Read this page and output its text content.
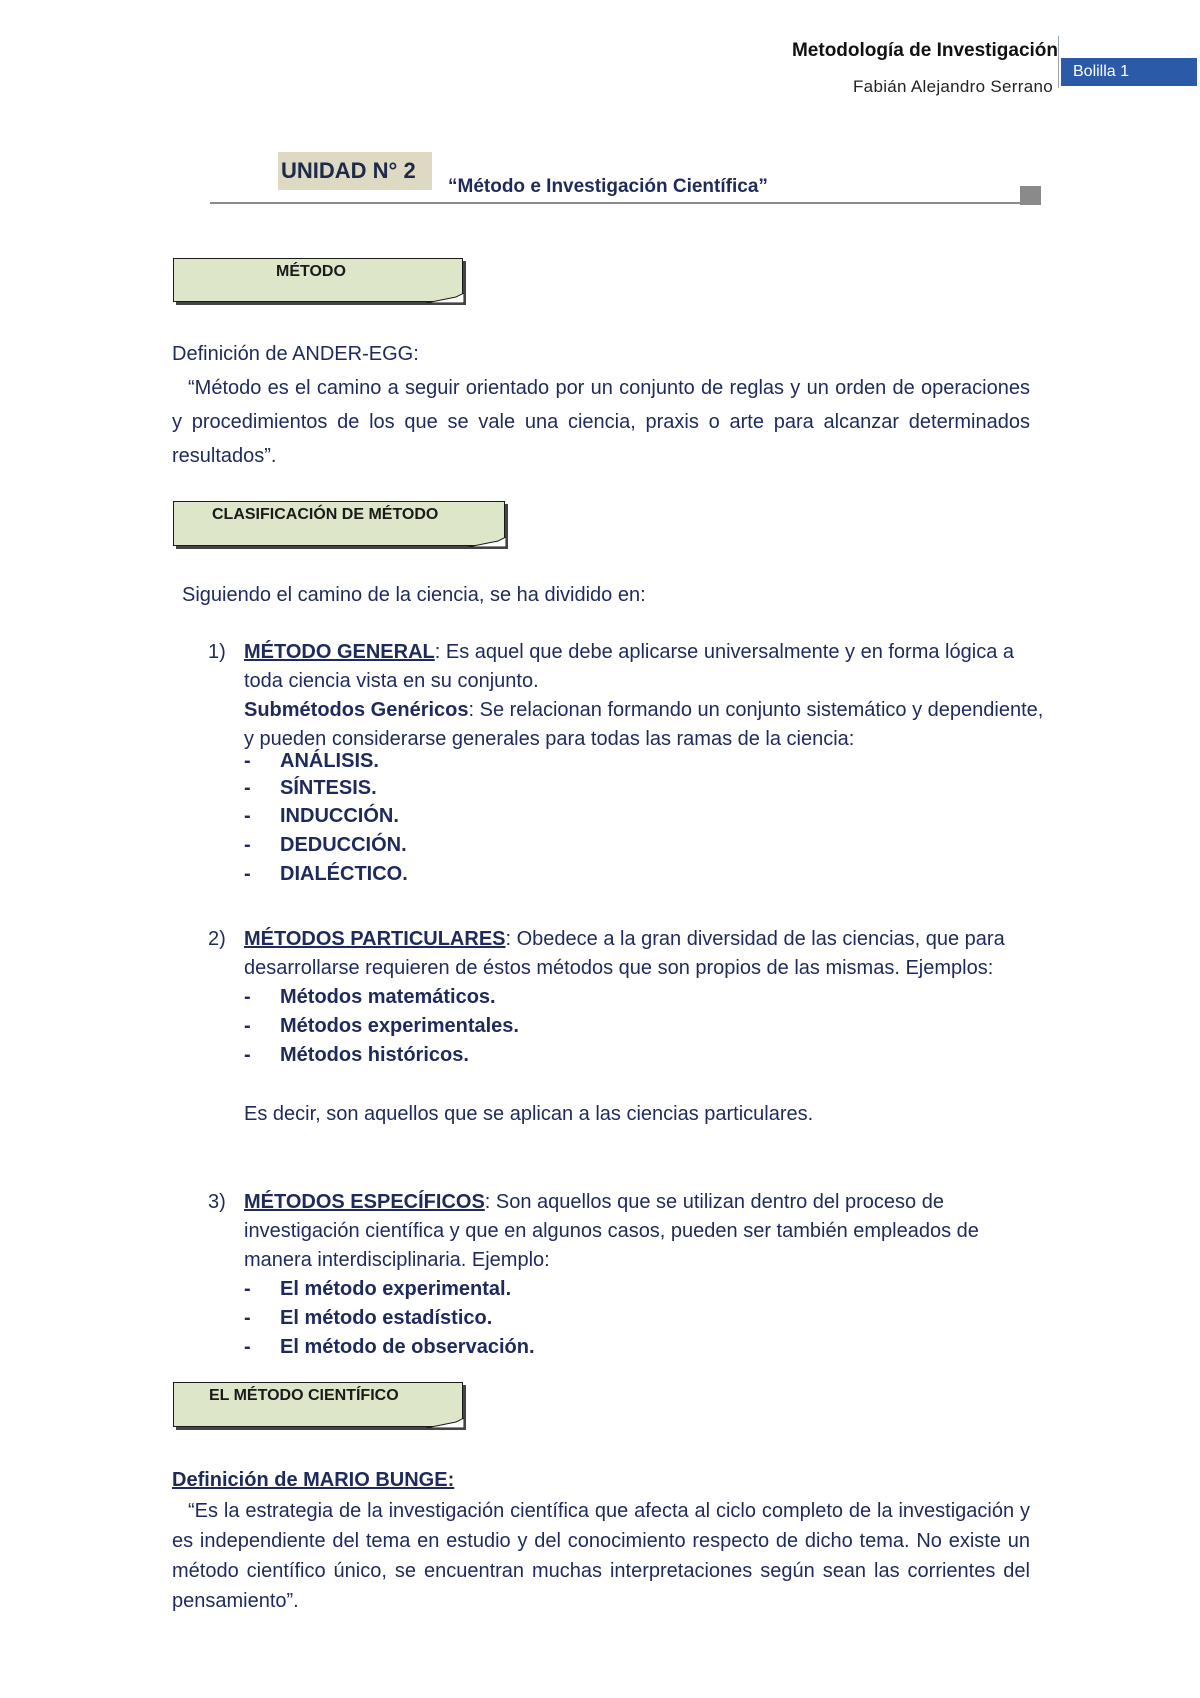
Metodología de Investigación
Fabián Alejandro Serrano
Bolilla 1
UNIDAD N° 2
“Método e Investigación Científica”
MÉTODO
Definición de ANDER-EGG:
“Método es el camino a seguir orientado por un conjunto de reglas y un orden de operaciones y procedimientos de los que se vale una ciencia, praxis o arte para alcanzar determinados resultados”.
CLASIFICACIÓN DE MÉTODO
Siguiendo el camino de la ciencia, se ha dividido en:
1) MÉTODO GENERAL: Es aquel que debe aplicarse universalmente y en forma lógica a toda ciencia vista en su conjunto.
Submétodos Genéricos: Se relacionan formando un conjunto sistemático y dependiente, y pueden considerarse generales para todas las ramas de la ciencia:
-	ANÁLISIS.
-	SÍNTESIS.
-	INDUCCIÓN.
-	DEDUCCIÓN.
-	DIALÉCTICO.
2) MÉTODOS PARTICULARES: Obedece a la gran diversidad de las ciencias, que para desarrollarse requieren de éstos métodos que son propios de las mismas. Ejemplos:
-	Métodos matemáticos.
-	Métodos experimentales.
-	Métodos históricos.
Es decir, son aquellos que se aplican a las ciencias particulares.
3) MÉTODOS ESPECÍFICOS: Son aquellos que se utilizan dentro del proceso de investigación científica y que en algunos casos, pueden ser también empleados de manera interdisciplinaria. Ejemplo:
-	El método experimental.
-	El método estadístico.
-	El método de observación.
EL MÉTODO CIENTÍFICO
Definición de MARIO BUNGE:
“Es la estrategia de la investigación científica que afecta al ciclo completo de la investigación y es independiente del tema en estudio y del conocimiento respecto de dicho tema. No existe un método científico único, se encuentran muchas interpretaciones según sean las corrientes del pensamiento”.
